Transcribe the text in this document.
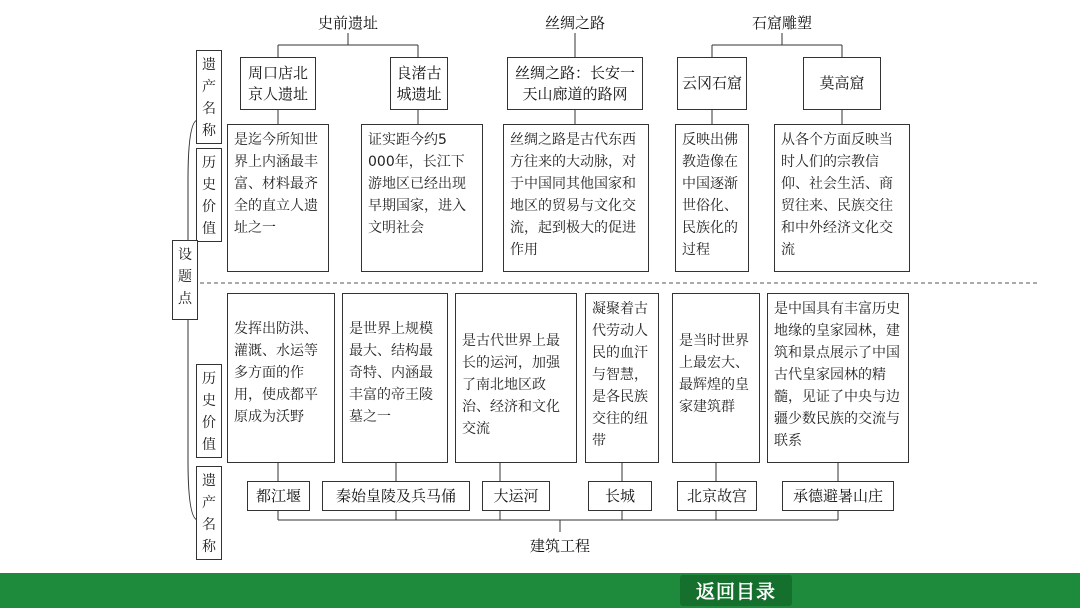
史前遗址	丝绸之路	石窟雕塑
遗产名称
历史价值
设题点
历史价值
遗产名称
周口店北
京人遗址
良渚古
城遗址
丝绸之路：长安一
天山廊道的路网
云冈石窟	莫高窟
是迄今所知世界上内涵最丰富、材料最齐全的直立人遗址之一
证实距今约5 000年，长江下游地区已经出现早期国家，进入文明社会
丝绸之路是古代东西方往来的大动脉，对于中国同其他国家和地区的贸易与文化交流，起到极大的促进作用
反映出佛教造像在中国逐渐世俗化、民族化的过程
从各个方面反映当时人们的宗教信仰、社会生活、商贸往来、民族交往和中外经济文化交流
发挥出防洪、灌溉、水运等多方面的作用，使成都平原成为沃野
是世界上规模最大、结构最奇特、内涵最丰富的帝王陵墓之一
是古代世界上最长的运河，加强了南北地区政治、经济和文化交流
凝聚着古代劳动人民的血汗与智慧，是各民族交往的纽带
是当时世界上最宏大、最辉煌的皇家建筑群
是中国具有丰富历史地缘的皇家园林，建筑和景点展示了中国古代皇家园林的精髓，见证了中央与边疆少数民族的交流与联系
都江堰	秦始皇陵及兵马俑	大运河	长城	北京故宫	承德避暑山庄
建筑工程
返回目录
